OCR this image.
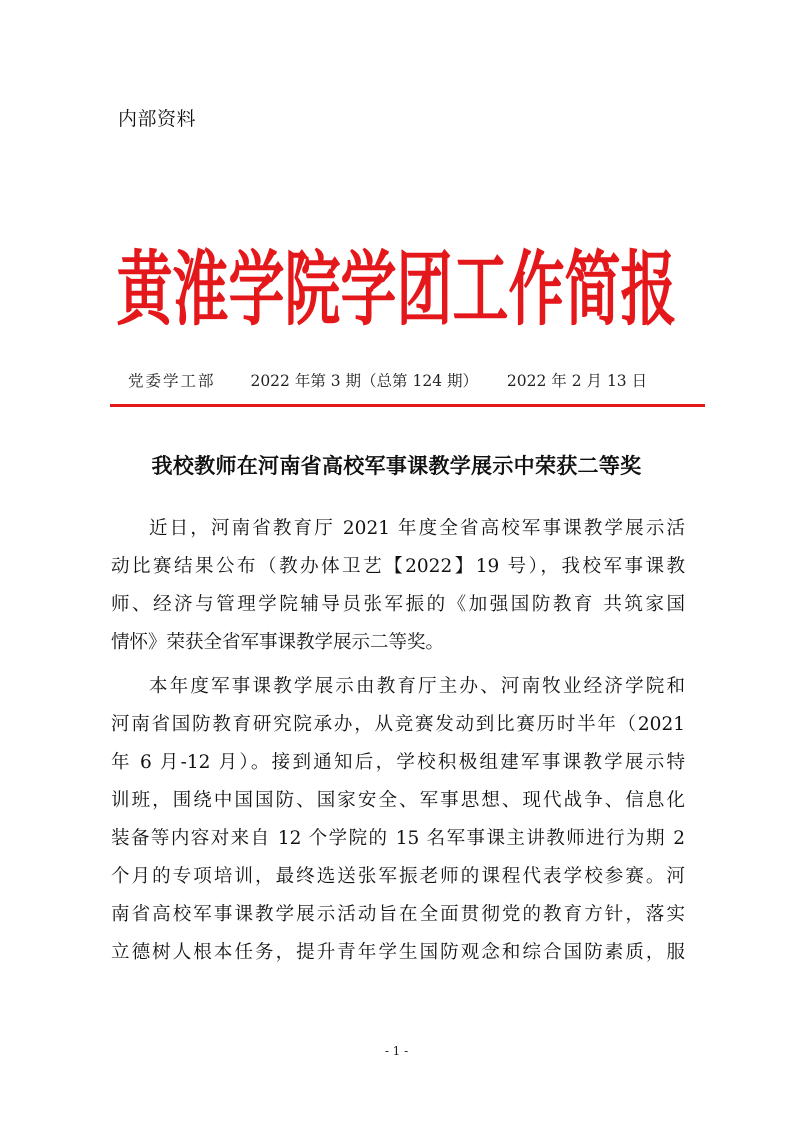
内部资料
黄淮学院学团工作简报
党委学工部 2022 年第 3 期（总第 124 期） 2022 年 2 月 13 日
我校教师在河南省高校军事课教学展示中荣获二等奖
近日，河南省教育厅 2021 年度全省高校军事课教学展示活
动比赛结果公布（教办体卫艺【2022】19 号），我校军事课教
师、经济与管理学院辅导员张军振的《加强国防教育 共筑家国
情怀》荣获全省军事课教学展示二等奖。
本年度军事课教学展示由教育厅主办、河南牧业经济学院和
河南省国防教育研究院承办，从竞赛发动到比赛历时半年（2021
年 6 月-12 月）。接到通知后，学校积极组建军事课教学展示特
训班，围绕中国国防、国家安全、军事思想、现代战争、信息化
装备等内容对来自 12 个学院的 15 名军事课主讲教师进行为期 2
个月的专项培训，最终选送张军振老师的课程代表学校参赛。河
南省高校军事课教学展示活动旨在全面贯彻党的教育方针，落实
立德树人根本任务，提升青年学生国防观念和综合国防素质，服
- 1 -
